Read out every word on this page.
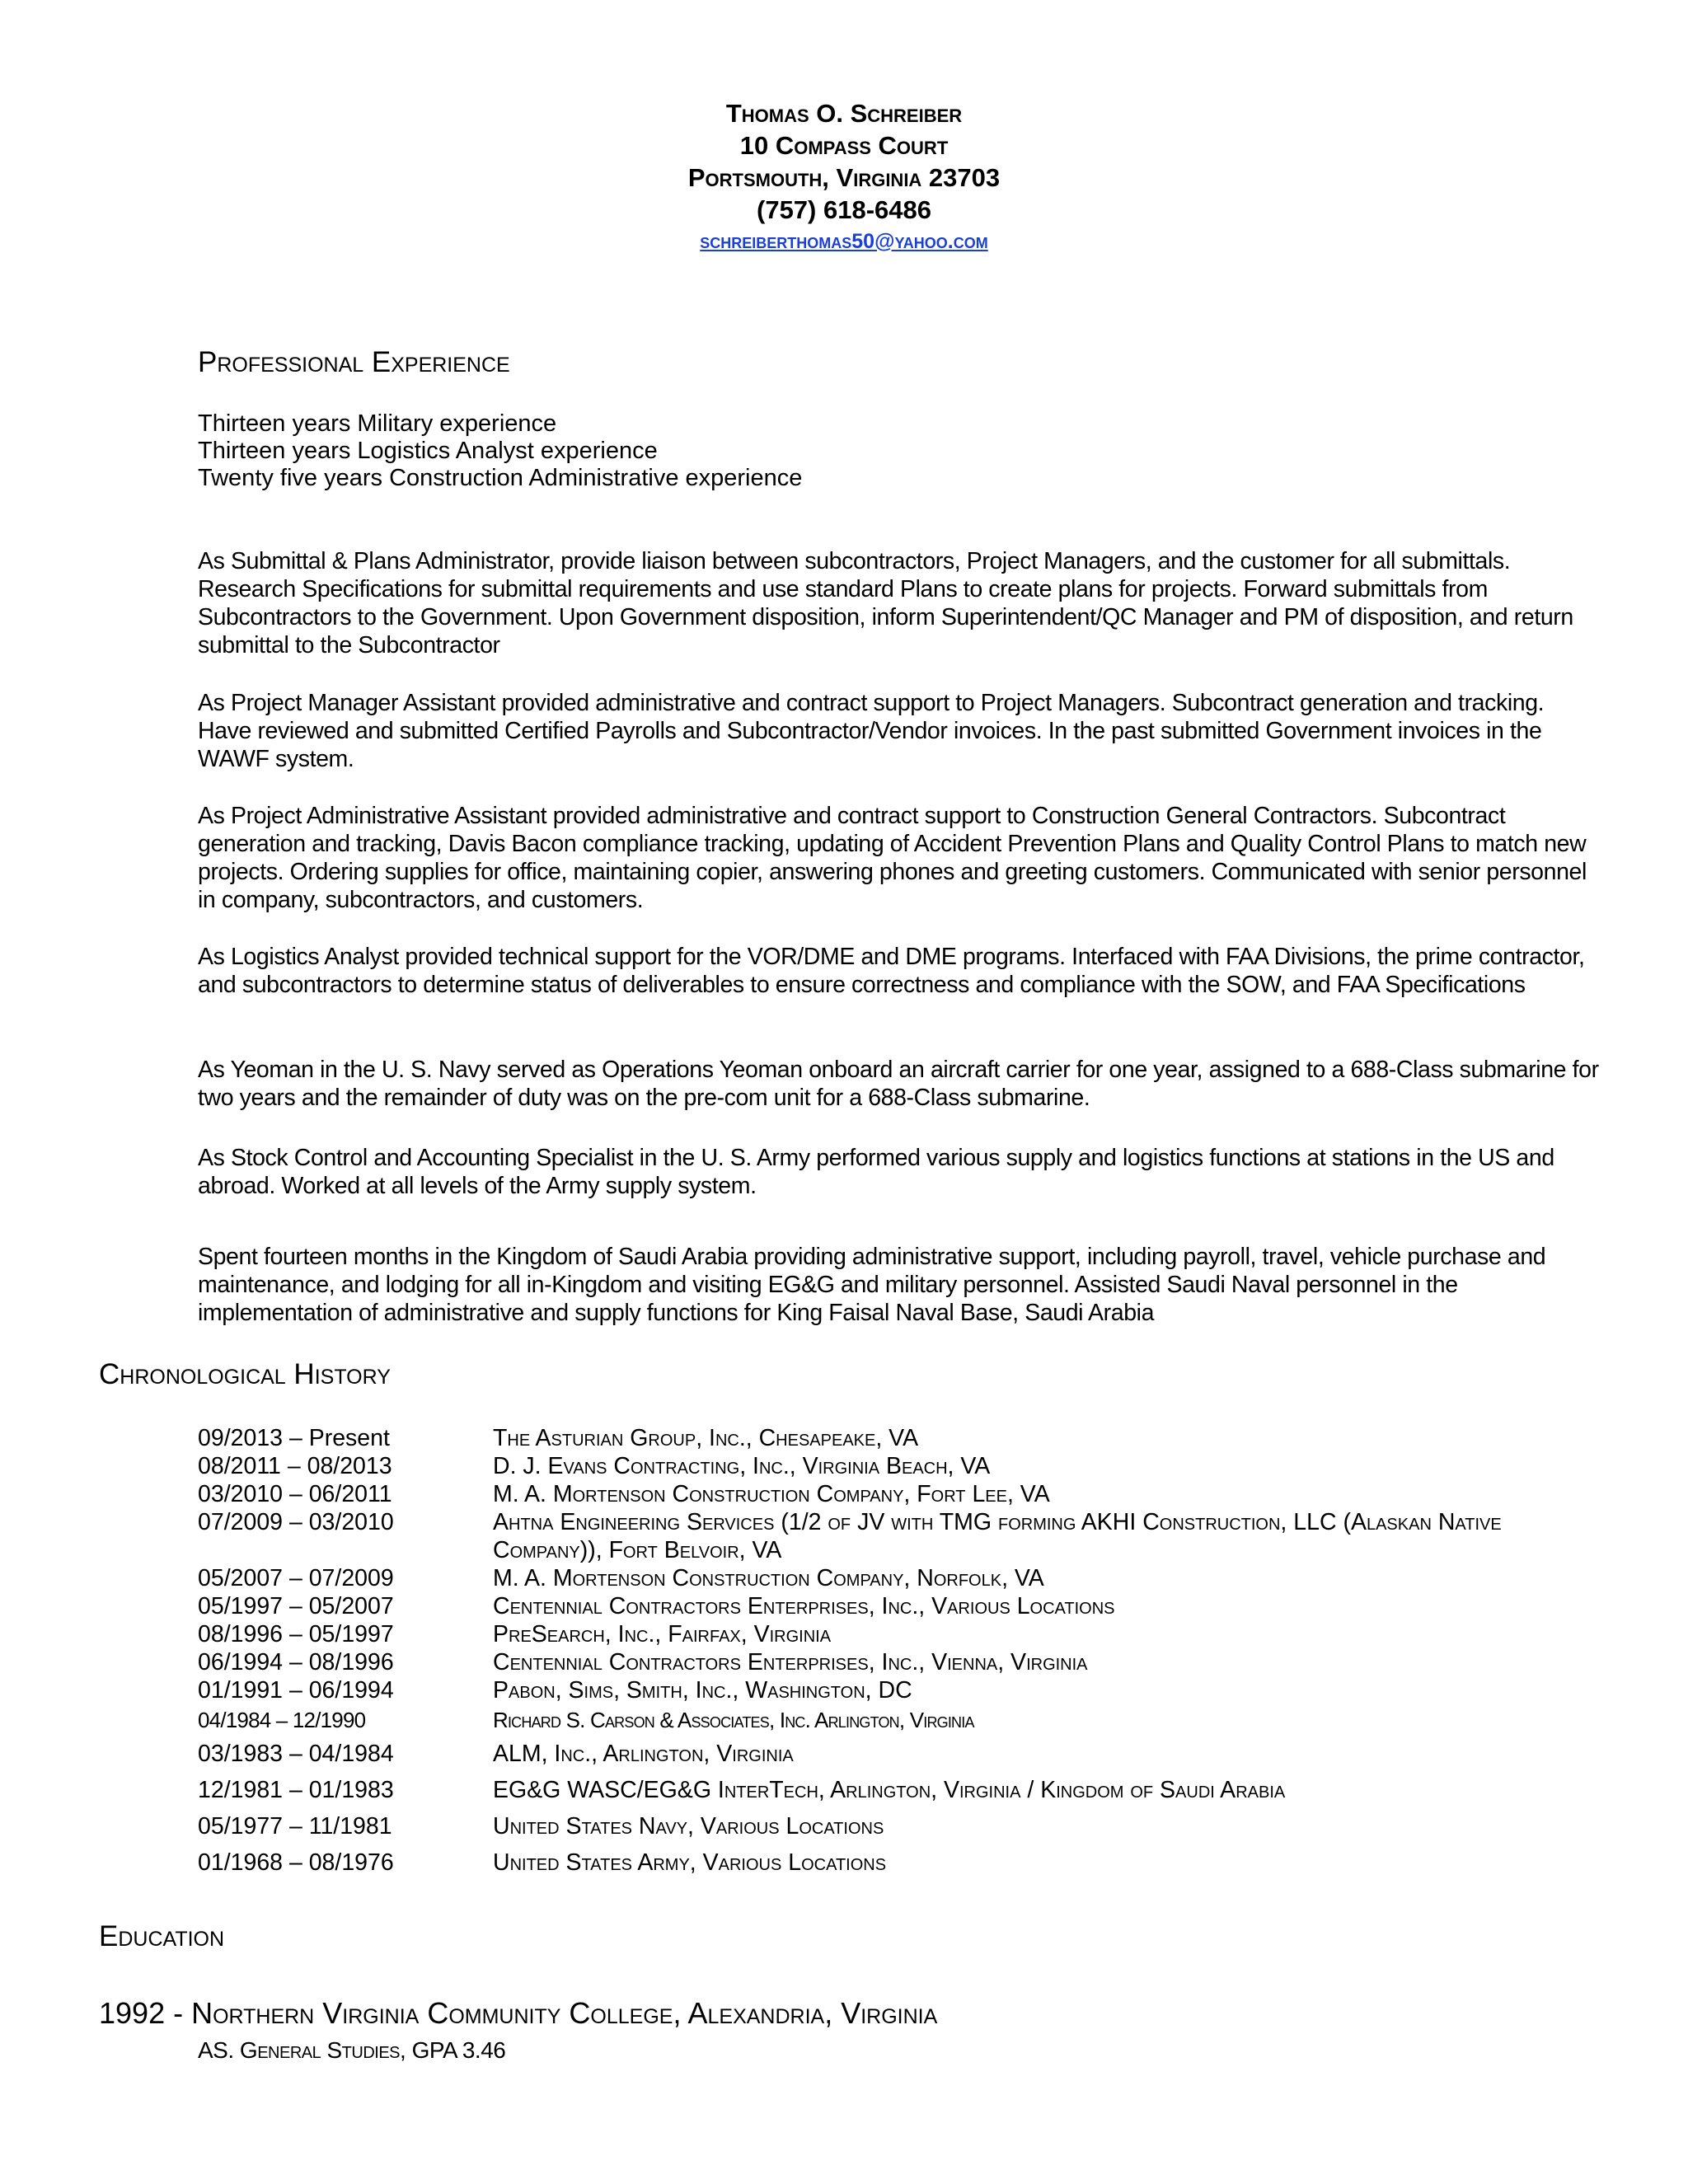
Thomas O. Schreiber
10 Compass Court
Portsmouth, Virginia 23703
(757) 618-6486
schreiberthomas50@yahoo.com
Professional Experience
Thirteen years Military experience
Thirteen years Logistics Analyst experience
Twenty five years Construction Administrative experience
As Submittal & Plans Administrator, provide liaison between subcontractors, Project Managers, and the customer for all submittals. Research Specifications for submittal requirements and use standard Plans to create plans for projects. Forward submittals from Subcontractors to the Government. Upon Government disposition, inform Superintendent/QC Manager and PM of disposition, and return submittal to the Subcontractor
As Project Manager Assistant provided administrative and contract support to Project Managers. Subcontract generation and tracking. Have reviewed and submitted Certified Payrolls and Subcontractor/Vendor invoices. In the past submitted Government invoices in the WAWF system.
As Project Administrative Assistant provided administrative and contract support to Construction General Contractors. Subcontract generation and tracking, Davis Bacon compliance tracking, updating of Accident Prevention Plans and Quality Control Plans to match new projects. Ordering supplies for office, maintaining copier, answering phones and greeting customers. Communicated with senior personnel in company, subcontractors, and customers.
As Logistics Analyst provided technical support for the VOR/DME and DME programs. Interfaced with FAA Divisions, the prime contractor, and subcontractors to determine status of deliverables to ensure correctness and compliance with the SOW, and FAA Specifications
As Yeoman in the U. S. Navy served as Operations Yeoman onboard an aircraft carrier for one year, assigned to a 688-Class submarine for two years and the remainder of duty was on the pre-com unit for a 688-Class submarine.
As Stock Control and Accounting Specialist in the U. S. Army performed various supply and logistics functions at stations in the US and abroad. Worked at all levels of the Army supply system.
Spent fourteen months in the Kingdom of Saudi Arabia providing administrative support, including payroll, travel, vehicle purchase and maintenance, and lodging for all in-Kingdom and visiting EG&G and military personnel. Assisted Saudi Naval personnel in the implementation of administrative and supply functions for King Faisal Naval Base, Saudi Arabia
Chronological History
09/2013 – Present	The Asturian Group, Inc., Chesapeake, VA
08/2011 – 08/2013	D. J. Evans Contracting, Inc., Virginia Beach, VA
03/2010 – 06/2011	M. A. Mortenson Construction Company, Fort Lee, VA
07/2009 – 03/2010	Ahtna Engineering Services (1/2 of JV with TMG forming AKHI Construction, LLC (Alaskan Native Company)), Fort Belvoir, VA
05/2007 – 07/2009	M. A. Mortenson Construction Company, Norfolk, VA
05/1997 – 05/2007	Centennial Contractors Enterprises, Inc., Various Locations
08/1996 – 05/1997	PreSearch, Inc., Fairfax, Virginia
06/1994 – 08/1996	Centennial Contractors Enterprises, Inc., Vienna, Virginia
01/1991 – 06/1994	Pabon, Sims, Smith, Inc., Washington, DC
04/1984 – 12/1990	Richard S. Carson & Associates, Inc. Arlington, Virginia
03/1983 – 04/1984	ALM, Inc., Arlington, Virginia
12/1981 – 01/1983	EG&G WASC/EG&G InterTech, Arlington, Virginia / Kingdom of Saudi Arabia
05/1977 – 11/1981	United States Navy, Various Locations
01/1968 – 08/1976	United States Army, Various Locations
Education
1992 - Northern Virginia Community College, Alexandria, Virginia
AS. General Studies, GPA 3.46
